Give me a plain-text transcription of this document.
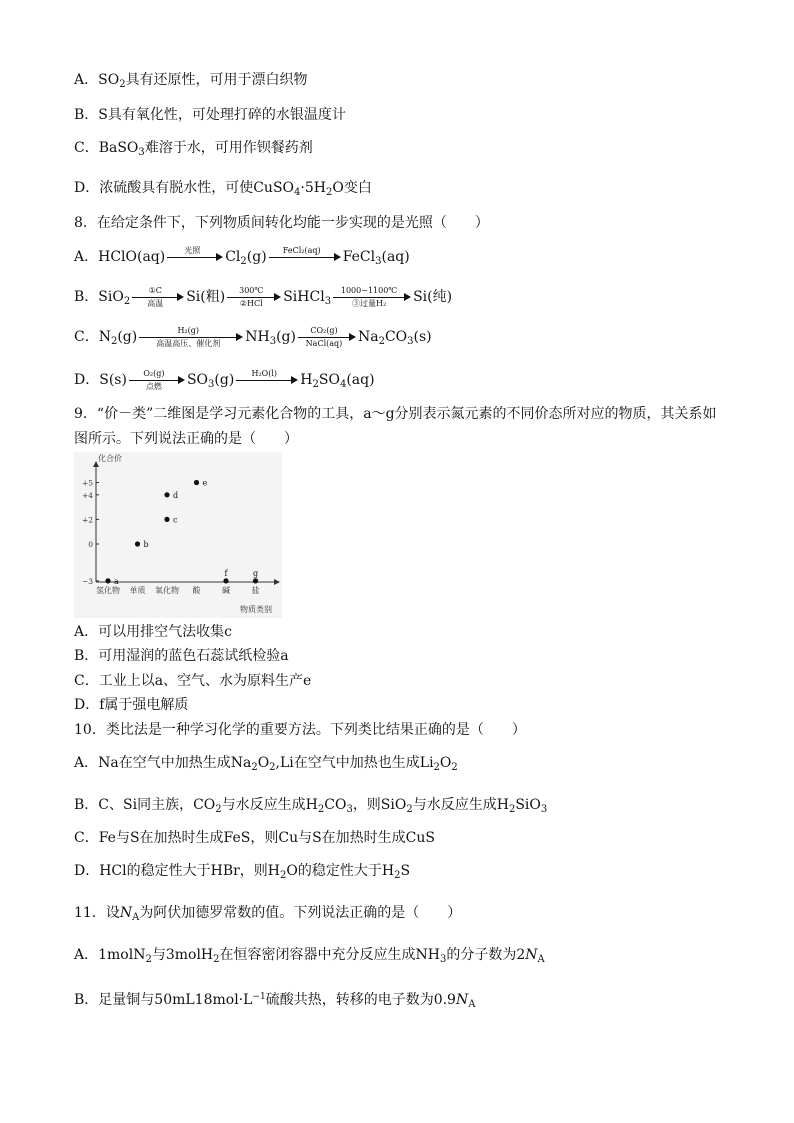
A．$SO_2$具有还原性，可用于漂白织物
B．S具有氧化性，可处理打碎的水银温度计
C．BaSO$_3$难溶于水，可用作钡餐药剂
D．浓硫酸具有脱水性，可使$CuSO_4\cdot 5H_2O$变白
8．在给定条件下，下列物质间转化均能一步实现的是光照（　　）
A．HClO(aq)	光照	$Cl_2(g)$	FeCl₂(aq)	FeCl$_3$(aq)
B．SiO$_2$
①C
高温	Si(粗)	300℃
②HCl	SiHCl$_3$
1000~1100℃
③过量H₂	Si(纯)
C．$N_2(g)$	H₂(g)
高温高压、催化剂	$NH_3(g)$	CO₂(g)
NaCl(aq)	$Na_2CO_3(s)$
D．S(s)	O₂(g)
点燃	$SO_3(g)$	H₂O(l)	$H_2SO_4(aq)$
9．“价－类”二维图是学习元素化合物的工具，a～g分别表示氮元素的不同价态所对应的物质，其关系如
图所示。下列说法正确的是（　　）
化合价
物质类别
+5
+4
+2
0
−3
氢化物 单质 氧化物 酸	碱	盐
a
b
c
d
e
f	g
A．可以用排空气法收集c
B．可用湿润的蓝色石蕊试纸检验a
C．工业上以a、空气、水为原料生产e
D．f属于强电解质
10．类比法是一种学习化学的重要方法。下列类比结果正确的是（　　）
A．Na在空气中加热生成$Na_2O_2,Li$在空气中加热也生成$Li_2O_2$
B．C、Si同主族，$CO_2$与水反应生成$H_2CO_3$，则SiO$_2$与水反应生成$H_2SiO_3$
C．Fe与S在加热时生成FeS，则Cu与S在加热时生成CuS
D．HCl的稳定性大于HBr，则$H_2O$的稳定性大于$H_2S$
11．设$N_A$为阿伏加德罗常数的值。下列说法正确的是（　　）
A．1molN$_2$与3molH$_2$在恒容密闭容器中充分反应生成$NH_3$的分子数为$2N_A$
B．足量铜与$50mL18mol\cdot L^{-1}$硫酸共热，转移的电子数为$0.9N_A$
